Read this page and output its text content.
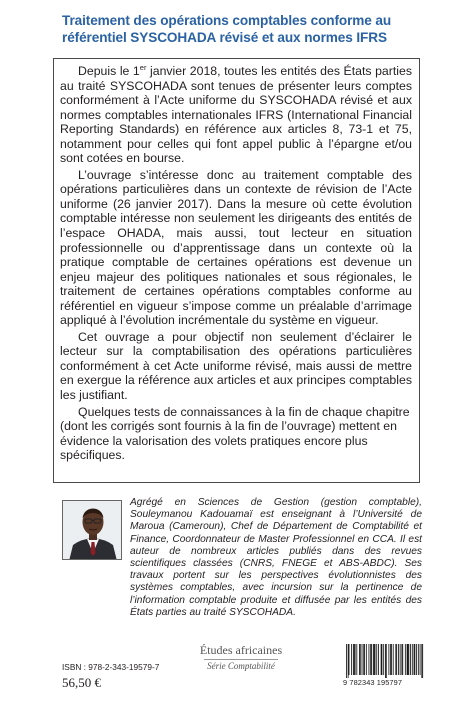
Traitement des opérations comptables conforme au
référentiel SYSCOHADA révisé et aux normes IFRS

Depuis le 1er janvier 2018, toutes les entités des États parties au traité SYSCOHADA sont tenues de présenter leurs comptes conformément à l’Acte uniforme du SYSCOHADA révisé et aux normes comptables internationales IFRS (International Financial Reporting Standards) en référence aux articles 8, 73-1 et 75, notamment pour celles qui font appel public à l’épargne et/ou sont cotées en bourse.

L’ouvrage s’intéresse donc au traitement comptable des opérations particulières dans un contexte de révision de l’Acte uniforme (26 janvier 2017). Dans la mesure où cette évolution comptable intéresse non seulement les dirigeants des entités de l’espace OHADA, mais aussi, tout lecteur en situation professionnelle ou d’apprentissage dans un contexte où la pratique comptable de certaines opérations est devenue un enjeu majeur des politiques nationales et sous régionales, le traitement de certaines opérations comptables conforme au référentiel en vigueur s’impose comme un préalable d’arrimage appliqué à l’évolution incrémentale du système en vigueur.

Cet ouvrage a pour objectif non seulement d’éclairer le lecteur sur la comptabilisation des opérations particulières conformément à cet Acte uniforme révisé, mais aussi de mettre en exergue la référence aux articles et aux principes comptables les justifiant.

Quelques tests de connaissances à la fin de chaque chapitre (dont les corrigés sont fournis à la fin de l’ouvrage) mettent en évidence la valorisation des volets pratiques encore plus spécifiques.

Agrégé en Sciences de Gestion (gestion comptable), Souleymanou Kadouamaï est enseignant à l’Université de Maroua (Cameroun), Chef de Département de Comptabilité et Finance, Coordonnateur de Master Professionnel en CCA. Il est auteur de nombreux articles publiés dans des revues scientifiques classées (CNRS, FNEGE et ABS-ABDC). Ses travaux portent sur les perspectives évolutionnistes des systèmes comptables, avec incursion sur la pertinence de l’information comptable produite et diffusée par les entités des États parties au traité SYSCOHADA.
ISBN : 978-2-343-19579-7
56,50 €
Études africaines
Série Comptabilité
9 782343 195797
